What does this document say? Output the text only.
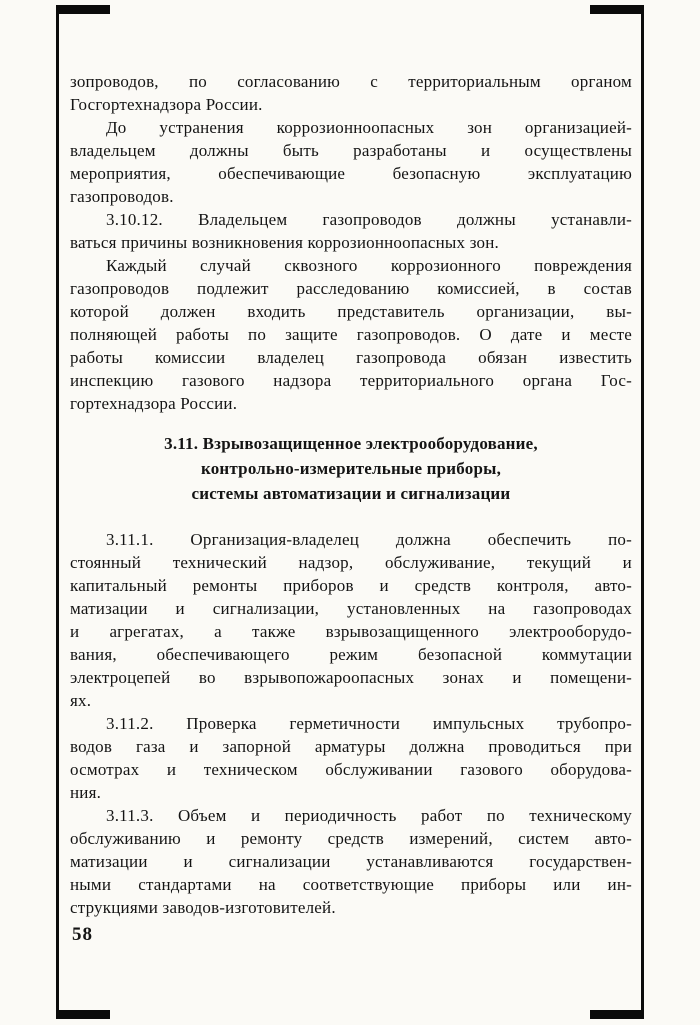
зопроводов, по согласованию с территориальным органом
Госгортехнадзора России.
До устранения коррозионноопасных зон организацией-
владельцем должны быть разработаны и осуществлены
мероприятия, обеспечивающие безопасную эксплуатацию
газопроводов.
3.10.12. Владельцем газопроводов должны устанавли-
ваться причины возникновения коррозионноопасных зон.
Каждый случай сквозного коррозионного повреждения
газопроводов подлежит расследованию комиссией, в состав
которой должен входить представитель организации, вы-
полняющей работы по защите газопроводов. О дате и месте
работы комиссии владелец газопровода обязан известить
инспекцию газового надзора территориального органа Гос-
гортехнадзора России.
3.11. Взрывозащищенное электрооборудование,
контрольно-измерительные приборы,
системы автоматизации и сигнализации
3.11.1. Организация-владелец должна обеспечить по-
стоянный технический надзор, обслуживание, текущий и
капитальный ремонты приборов и средств контроля, авто-
матизации и сигнализации, установленных на газопроводах
и агрегатах, а также взрывозащищенного электрооборудо-
вания, обеспечивающего режим безопасной коммутации
электроцепей во взрывопожароопасных зонах и помещени-
ях.
3.11.2. Проверка герметичности импульсных трубопро-
водов газа и запорной арматуры должна проводиться при
осмотрах и техническом обслуживании газового оборудова-
ния.
3.11.3. Объем и периодичность работ по техническому
обслуживанию и ремонту средств измерений, систем авто-
матизации и сигнализации устанавливаются государствен-
ными стандартами на соответствующие приборы или ин-
струкциями заводов-изготовителей.
58
